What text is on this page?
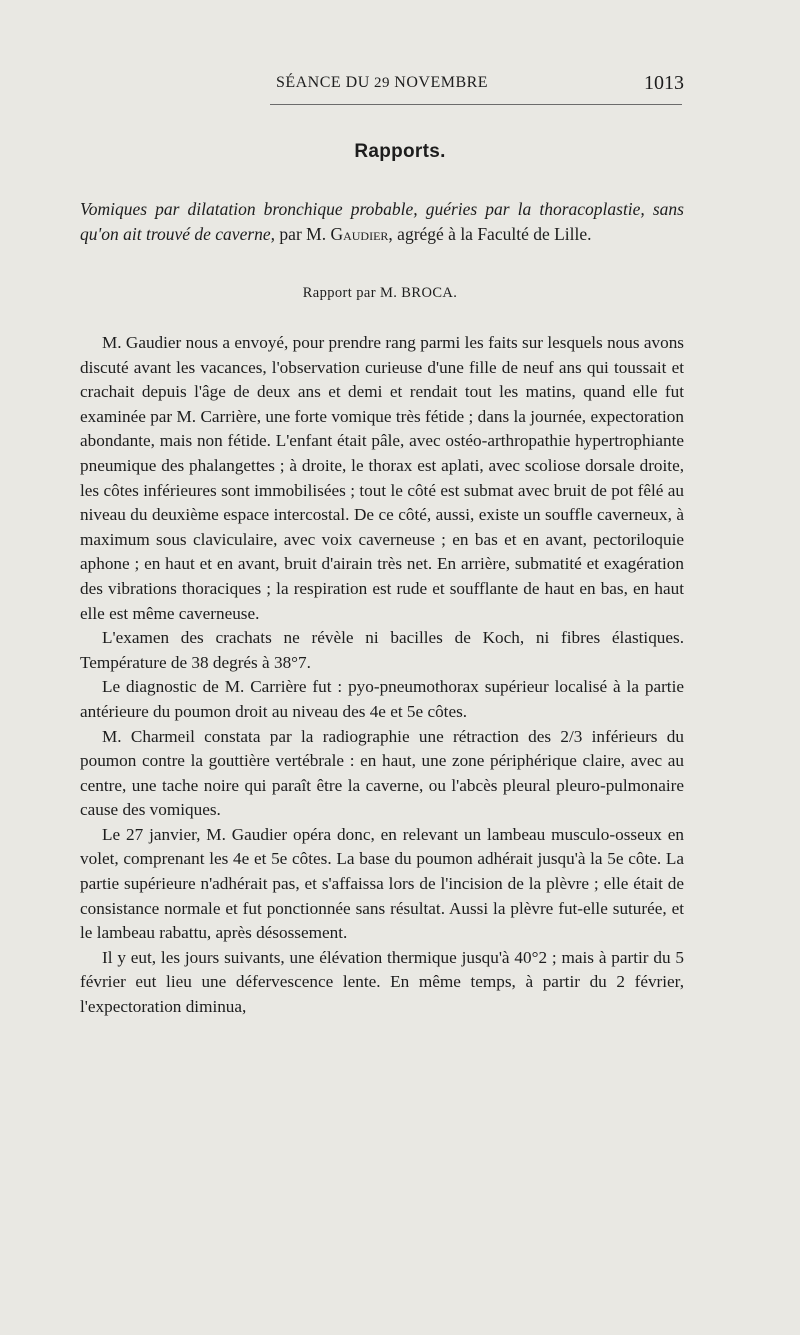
SÉANCE DU 29 NOVEMBRE	1013
Rapports.
Vomiques par dilatation bronchique probable, guéries par la thoracoplastie, sans qu'on ait trouvé de caverne, par M. Gaudier, agrégé à la Faculté de Lille.
Rapport par M. BROCA.

M. Gaudier nous a envoyé, pour prendre rang parmi les faits sur lesquels nous avons discuté avant les vacances, l'observation curieuse d'une fille de neuf ans qui toussait et crachait depuis l'âge de deux ans et demi et rendait tout les matins, quand elle fut examinée par M. Carrière, une forte vomique très fétide ; dans la journée, expectoration abondante, mais non fétide. L'enfant était pâle, avec ostéo-arthropathie hypertrophiante pneumique des phalangettes ; à droite, le thorax est aplati, avec scoliose dorsale droite, les côtes inférieures sont immobilisées ; tout le côté est submat avec bruit de pot fêlé au niveau du deuxième espace intercostal. De ce côté, aussi, existe un souffle caverneux, à maximum sous claviculaire, avec voix caverneuse ; en bas et en avant, pectoriloquie aphone ; en haut et en avant, bruit d'airain très net. En arrière, submatité et exagération des vibrations thoraciques ; la respiration est rude et soufflante de haut en bas, en haut elle est même caverneuse.

L'examen des crachats ne révèle ni bacilles de Koch, ni fibres élastiques. Température de 38 degrés à 38°7.

Le diagnostic de M. Carrière fut : pyo-pneumothorax supérieur localisé à la partie antérieure du poumon droit au niveau des 4e et 5e côtes.

M. Charmeil constata par la radiographie une rétraction des 2/3 inférieurs du poumon contre la gouttière vertébrale : en haut, une zone périphérique claire, avec au centre, une tache noire qui paraît être la caverne, ou l'abcès pleural pleuro-pulmonaire cause des vomiques.

Le 27 janvier, M. Gaudier opéra donc, en relevant un lambeau musculo-osseux en volet, comprenant les 4e et 5e côtes. La base du poumon adhérait jusqu'à la 5e côte. La partie supérieure n'adhérait pas, et s'affaissa lors de l'incision de la plèvre ; elle était de consistance normale et fut ponctionnée sans résultat. Aussi la plèvre fut-elle suturée, et le lambeau rabattu, après désossement.

Il y eut, les jours suivants, une élévation thermique jusqu'à 40°2 ; mais à partir du 5 février eut lieu une défervescence lente. En même temps, à partir du 2 février, l'expectoration diminua,
